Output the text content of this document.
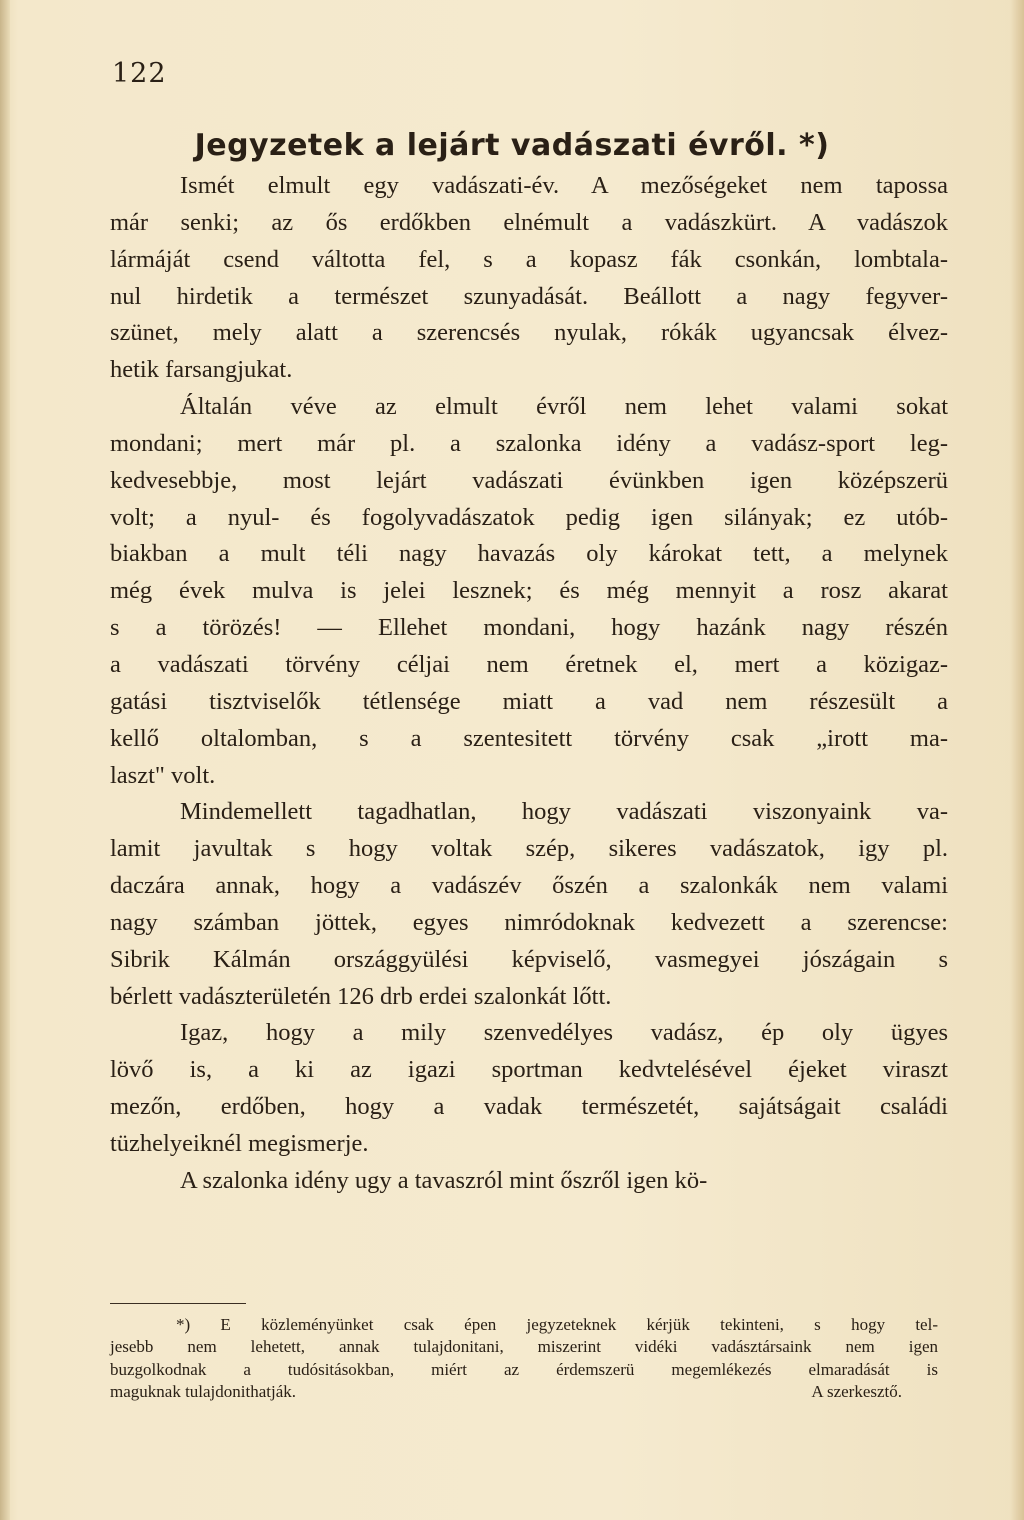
122
Jegyzetek a lejárt vadászati évről. *)
Ismét elmult egy vadászati-év. A mezőségeket nem tapossa
már senki; az ős erdőkben elnémult a vadászkürt. A vadászok
lármáját csend váltotta fel, s a kopasz fák csonkán, lombtala-
nul hirdetik a természet szunyadását. Beállott a nagy fegyver-
szünet, mely alatt a szerencsés nyulak, rókák ugyancsak élvez-
hetik farsangjukat.
Általán véve az elmult évről nem lehet valami sokat
mondani; mert már pl. a szalonka idény a vadász-sport leg-
kedvesebbje, most lejárt vadászati évünkben igen középszerü
volt; a nyul- és fogolyvadászatok pedig igen silányak; ez utób-
biakban a mult téli nagy havazás oly károkat tett, a melynek
még évek mulva is jelei lesznek; és még mennyit a rosz akarat
s a törözés! — Ellehet mondani, hogy hazánk nagy részén
a vadászati törvény céljai nem éretnek el, mert a közigaz-
gatási tisztviselők tétlensége miatt a vad nem részesült a
kellő oltalomban, s a szentesitett törvény csak „irott ma-
laszt" volt.
Mindemellett tagadhatlan, hogy vadászati viszonyaink va-
lamit javultak s hogy voltak szép, sikeres vadászatok, igy pl.
daczára annak, hogy a vadászév őszén a szalonkák nem valami
nagy számban jöttek, egyes nimródoknak kedvezett a szerencse:
Sibrik Kálmán országgyülési képviselő, vasmegyei jószágain s
bérlett vadászterületén 126 drb erdei szalonkát lőtt.
Igaz, hogy a mily szenvedélyes vadász, ép oly ügyes
lövő is, a ki az igazi sportman kedvtelésével éjeket viraszt
mezőn, erdőben, hogy a vadak természetét, sajátságait családi
tüzhelyeiknél megismerje.
A szalonka idény ugy a tavaszról mint őszről igen kö-
*) E közleményünket csak épen jegyzeteknek kérjük tekinteni, s hogy tel-
jesebb nem lehetett, annak tulajdonitani, miszerint vidéki vadásztársaink nem igen
buzgolkodnak a tudósitásokban, miért az érdemszerü megemlékezés elmaradását is
maguknak tulajdonithatják.	A szerkesztő.
